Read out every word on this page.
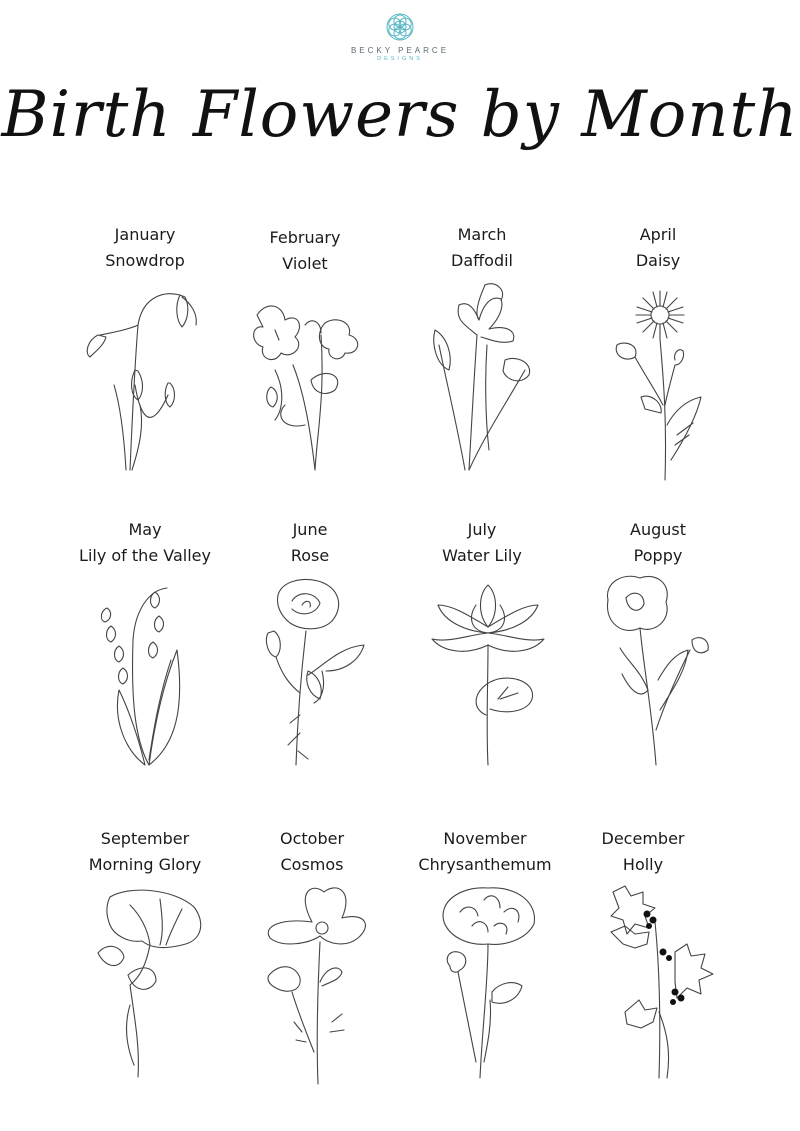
BECKY PEARCE
DESIGNS
Birth Flowers by Month
January
Snowdrop
February
Violet
March
Daffodil
April
Daisy
May
Lily of the Valley
June
Rose
July
Water Lily
August
Poppy
September
Morning Glory
October
Cosmos
November
Chrysanthemum
December
Holly
